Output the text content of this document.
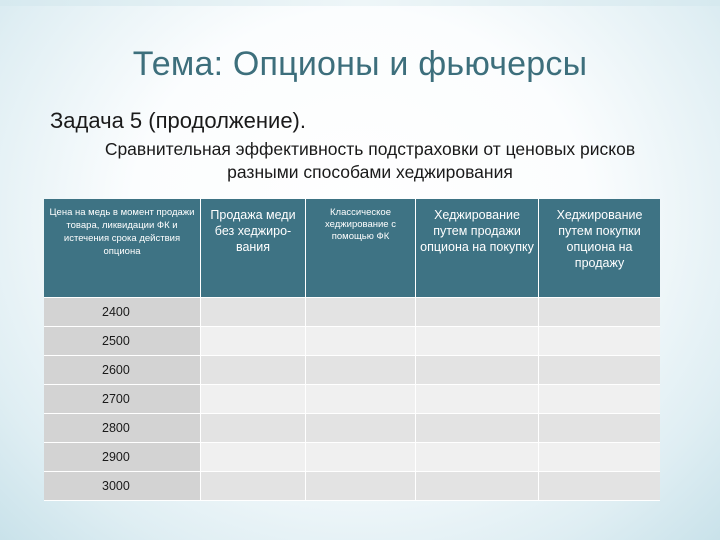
Тема: Опционы и фьючерсы
Задача 5 (продолжение).
Сравнительная эффективность подстраховки от ценовых рисков
разными способами хеджирования
Цена на медь в момент продажи товара, ликвидации ФК и истечения срока действия опциона
Продажа меди без хеджиро-вания
Классическое хеджирование с помощью ФК
Хеджирование путем продажи опциона на покупку
Хеджирование путем покупки опциона на продажу
2400
2500
2600
2700
2800
2900
3000
